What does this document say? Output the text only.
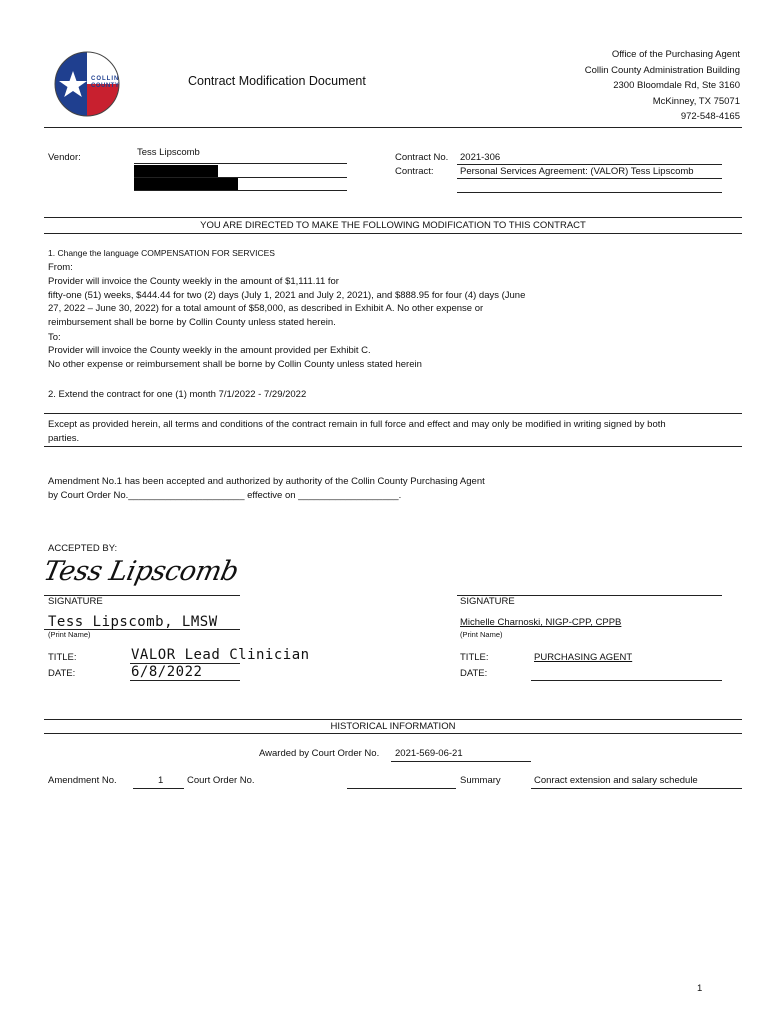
COLLIN
COUNTY	Contract Modification Document
Office of the Purchasing Agent
Collin County Administration Building
2300 Bloomdale Rd, Ste 3160
McKinney, TX 75071
972-548-4165
Vendor:	Tess Lipscomb	Contract No. 2021-306
Contract:	Personal Services Agreement: (VALOR) Tess Lipscomb
YOU ARE DIRECTED TO MAKE THE FOLLOWING MODIFICATION TO THIS CONTRACT
1. Change the language COMPENSATION FOR SERVICES
From:
Provider will invoice the County weekly in the amount of $1,111.11 for
fifty-one (51) weeks, $444.44 for two (2) days (July 1, 2021 and July 2, 2021), and $888.95 for four (4) days (June
27, 2022 – June 30, 2022) for a total amount of $58,000, as described in Exhibit A. No other expense or
reimbursement shall be borne by Collin County unless stated herein.
To:
Provider will invoice the County weekly in the amount provided per Exhibit C.
No other expense or reimbursement shall be borne by Collin County unless stated herein
2. Extend the contract for one (1) month 7/1/2022 - 7/29/2022
Except as provided herein, all terms and conditions of the contract remain in full force and effect and may only be modified in writing signed by both
parties.
Amendment No.1 has been accepted and authorized by authority of the Collin County Purchasing Agent
by Court Order No.______________________ effective on ___________________.
ACCEPTED BY:
Tess Lipscomb
SIGNATURE
Tess Lipscomb, LMSW
(Print Name)
TITLE:	VALOR Lead Clinician
DATE:	6/8/2022
SIGNATURE
Michelle Charnoski, NIGP-CPP, CPPB
(Print Name)
TITLE:	PURCHASING AGENT
DATE:
HISTORICAL INFORMATION
Awarded by Court Order No. 2021-569-06-21
Amendment No.	1 Court Order No.	Summary	Conract extension and salary schedule
1
